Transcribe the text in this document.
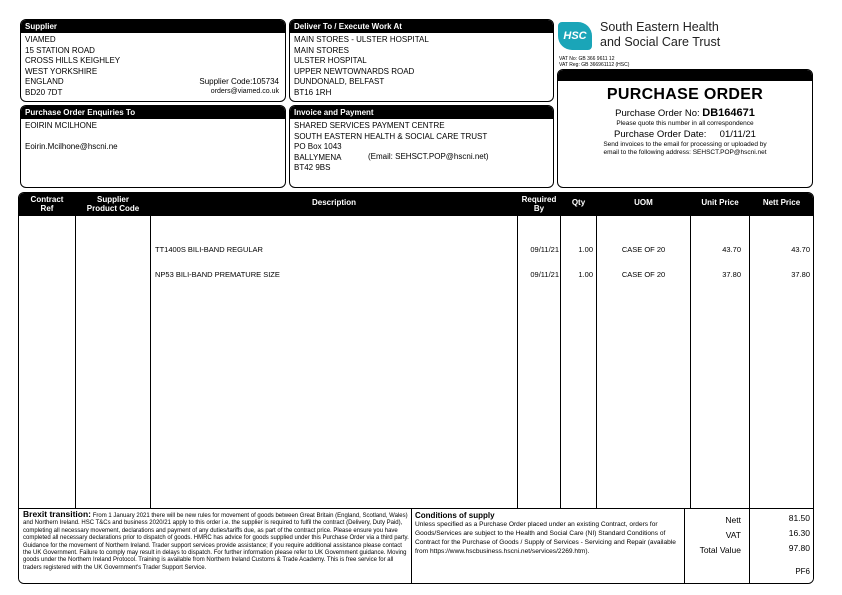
Supplier
VIAMED
15 STATION ROAD
CROSS HILLS KEIGHLEY
WEST YORKSHIRE
ENGLAND
BD20 7DT
Supplier Code:105734
orders@viamed.co.uk
Deliver To / Execute Work At
MAIN STORES - ULSTER HOSPITAL
MAIN STORES
ULSTER HOSPITAL
UPPER NEWTOWNARDS ROAD
DUNDONALD, BELFAST
BT16 1RH
HSC
South Eastern Health
and Social Care Trust
VAT No: GB 366 9611 12
VAT Reg: GB 366961112 (HSC)
PURCHASE ORDER
Purchase Order No: DB164671
Please quote this number in all correspondence
Purchase Order Date: 01/11/21
Send invoices to the email for processing or uploaded by
email to the following address: SEHSCT.POP@hscni.net
Purchase Order Enquiries To
EOIRIN MCILHONE
Eoirin.Mcilhone@hscni.ne
Invoice and Payment
SHARED SERVICES PAYMENT CENTRE
SOUTH EASTERN HEALTH & SOCIAL CARE TRUST
PO Box 1043
BALLYMENA
BT42 9BS
(Email: SEHSCT.POP@hscni.net)
Contract
Ref
Supplier
Product Code
Description	Required
By
Qty	UOM	Unit Price	Nett Price
TT1400S BILI-BAND REGULAR	09/11/21	1.00	CASE OF 20	43.70	43.70
NP53 BILI-BAND PREMATURE SIZE	09/11/21	1.00	CASE OF 20	37.80	37.80
Brexit transition: From 1 January 2021 there will be new rules for movement of goods between Great Britain (England, Scotland, Wales) and Northern Ireland. HSC T&Cs and business 2020/21 apply to this order i.e. the supplier is required to fulfil the contract (Delivery, Duty Paid), completing all necessary movement, declarations and payment of any duties/tariffs due, as part of the contract price. Please ensure you have completed all necessary declarations prior to dispatch of goods. HMRC has advice for goods supplied under this Purchase Order via a third party. Guidance for the movement of Northern Ireland. Trader support services provide assistance; if you require additional assistance please contact the UK Government. Failure to comply may result in delays to dispatch. For further information please refer to UK Government guidance. Moving goods under the Northern Ireland Protocol. Training is available from Northern Ireland Customs & Trade Academy. This is free service for all traders registered with the UK Government's Trader Support Service.
Conditions of supply
Unless specified as a Purchase Order placed under an existing Contract, orders for Goods/Services are subject to the Health and Social Care (NI) Standard Conditions of Contract for the Purchase of Goods / Supply of Services - Servicing and Repair (available from https://www.hscbusiness.hscni.net/services/2269.htm).
Nett	81.50
VAT	16.30
Total Value	97.80
PF6
